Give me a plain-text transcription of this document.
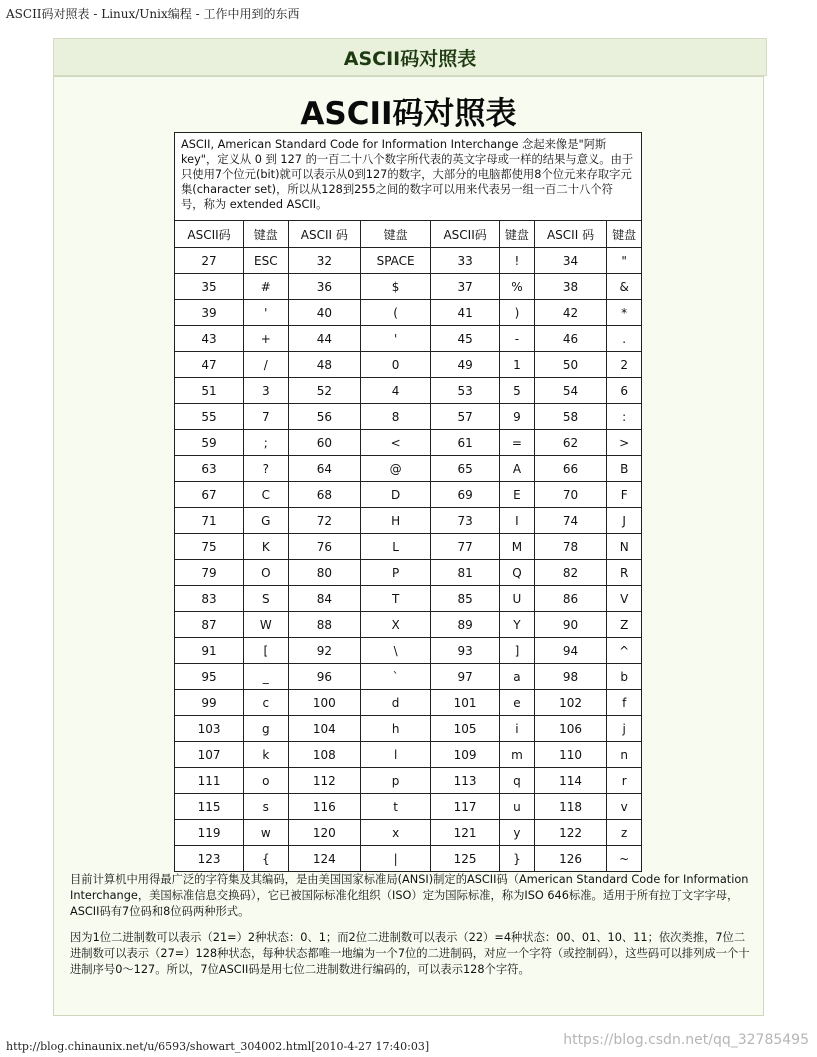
ASCII码对照表 - Linux/Unix编程 - 工作中用到的东西
ASCII码对照表
ASCII码对照表
ASCII, American Standard Code for Information Interchange 念起来像是"阿斯key"，定义从 0 到 127 的一百二十八个数字所代表的英文字母或一样的结果与意义。由于只使用7个位元(bit)就可以表示从0到127的数字，大部分的电脑都使用8个位元来存取字元集(character set)，所以从128到255之间的数字可以用来代表另一组一百二十八个符号，称为 extended ASCII。							
ASCII码	键盘	ASCII 码	键盘	ASCII码	键盘	ASCII 码	键盘
27	ESC	32	SPACE	33	!	34	"
35	#	36	$	37	%	38	&
39	'	40	(	41	)	42	*
43	+	44	'	45	-	46	.
47	/	48	0	49	1	50	2
51	3	52	4	53	5	54	6
55	7	56	8	57	9	58	:
59	;	60	<	61	=	62	>
63	?	64	@	65	A	66	B
67	C	68	D	69	E	70	F
71	G	72	H	73	I	74	J
75	K	76	L	77	M	78	N
79	O	80	P	81	Q	82	R
83	S	84	T	85	U	86	V
87	W	88	X	89	Y	90	Z
91	[	92	\	93	]	94	^
95	_	96	`	97	a	98	b
99	c	100	d	101	e	102	f
103	g	104	h	105	i	106	j
107	k	108	l	109	m	110	n
111	o	112	p	113	q	114	r
115	s	116	t	117	u	118	v
119	w	120	x	121	y	122	z
123	{	124	|	125	}	126	~

目前计算机中用得最广泛的字符集及其编码，是由美国国家标准局(ANSI)制定的ASCII码（American Standard Code for Information Interchange，美国标准信息交换码），它已被国际标准化组织（ISO）定为国际标准，称为ISO 646标准。适用于所有拉丁文字字母，ASCII码有7位码和8位码两种形式。

因为1位二进制数可以表示（21=）2种状态：0、1；而2位二进制数可以表示（22）=4种状态：00、01、10、11；依次类推，7位二进制数可以表示（27=）128种状态，每种状态都唯一地编为一个7位的二进制码，对应一个字符（或控制码），这些码可以排列成一个十进制序号0～127。所以，7位ASCII码是用七位二进制数进行编码的，可以表示128个字符。

http://blog.chinaunix.net/u/6593/showart_304002.html[2010-4-27 17:40:03]	https://blog.csdn.net/qq_32785495
